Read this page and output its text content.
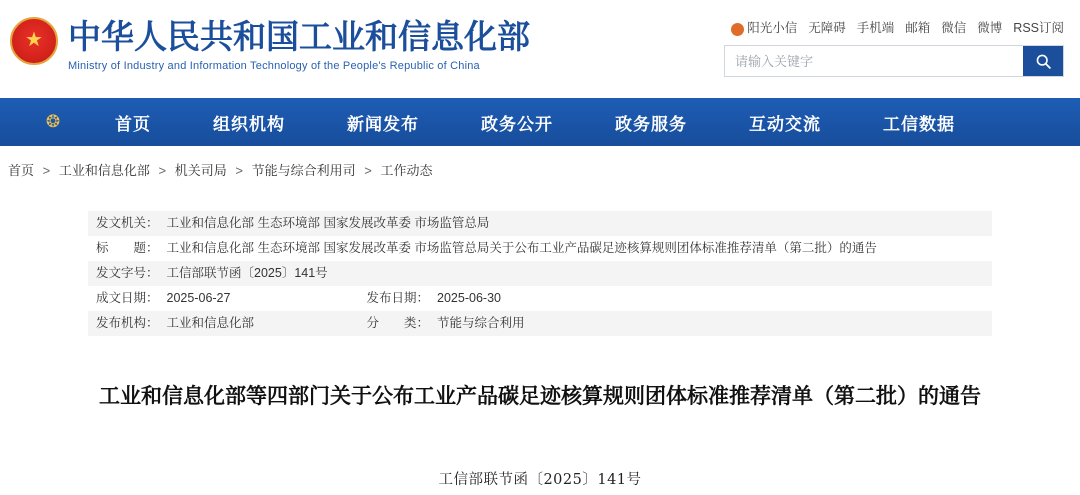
★ 中华人民共和国工业和信息化部
Ministry of Industry and Information Technology of the People's Republic of China
阳光小信 无障碍 手机端 邮箱 微信 微博 RSS订阅
请输入关键字
❂	首页	组织机构	新闻发布	政务公开	政务服务	互动交流	工信数据
首页 > 工业和信息化部 > 机关司局 > 节能与综合利用司 > 工作动态
发文机关：	工业和信息化部 生态环境部 国家发展改革委 市场监管总局		
标　　题：	工业和信息化部 生态环境部 国家发展改革委 市场监管总局关于公布工业产品碳足迹核算规则团体标准推荐清单（第二批）的通告		
发文字号：	工信部联节函〔2025〕141号		
成文日期：	2025-06-27	发布日期：	2025-06-30
发布机构：	工业和信息化部	分　　类：	节能与综合利用
工业和信息化部等四部门关于公布工业产品碳足迹核算规则团体标准推荐清单（第二批）的通告
工信部联节函〔2025〕141号
